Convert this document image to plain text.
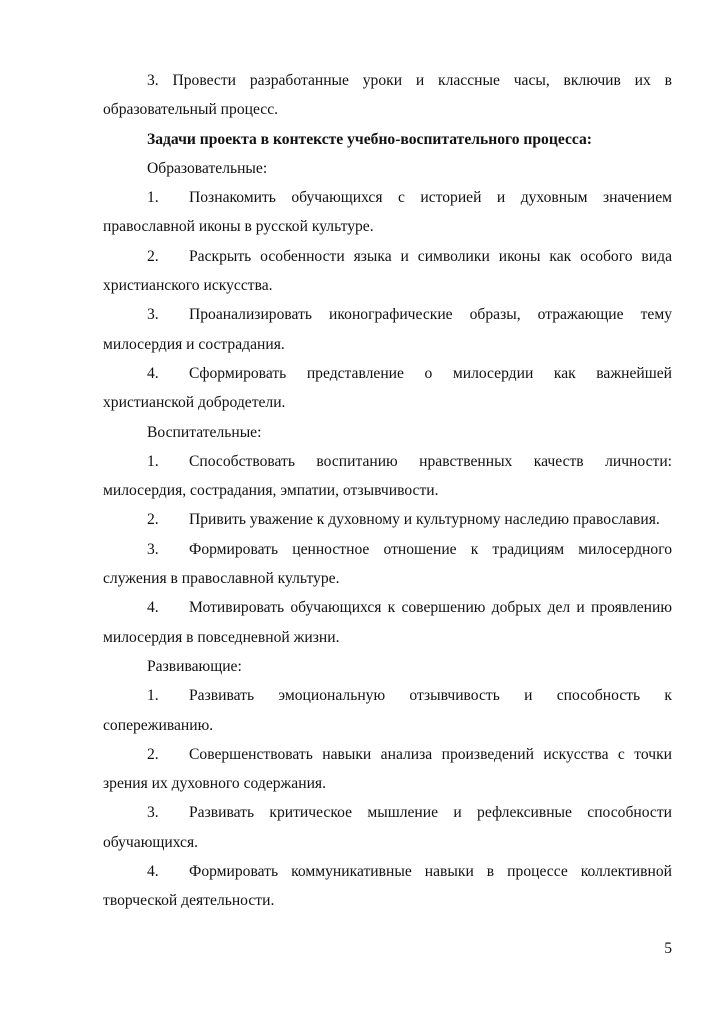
3. Провести разработанные уроки и классные часы, включив их в образовательный процесс.

Задачи проекта в контексте учебно-воспитательного процесса:

Образовательные:

1. Познакомить обучающихся с историей и духовным значением православной иконы в русской культуре.

2. Раскрыть особенности языка и символики иконы как особого вида христианского искусства.

3. Проанализировать иконографические образы, отражающие тему милосердия и сострадания.

4. Сформировать представление о милосердии как важнейшей христианской добродетели.

Воспитательные:

1. Способствовать воспитанию нравственных качеств личности: милосердия, сострадания, эмпатии, отзывчивости.

2. Привить уважение к духовному и культурному наследию православия.

3. Формировать ценностное отношение к традициям милосердного служения в православной культуре.

4. Мотивировать обучающихся к совершению добрых дел и проявлению милосердия в повседневной жизни.

Развивающие:

1. Развивать эмоциональную отзывчивость и способность к сопереживанию.

2. Совершенствовать навыки анализа произведений искусства с точки зрения их духовного содержания.

3. Развивать критическое мышление и рефлексивные способности обучающихся.

4. Формировать коммуникативные навыки в процессе коллективной творческой деятельности.

5
